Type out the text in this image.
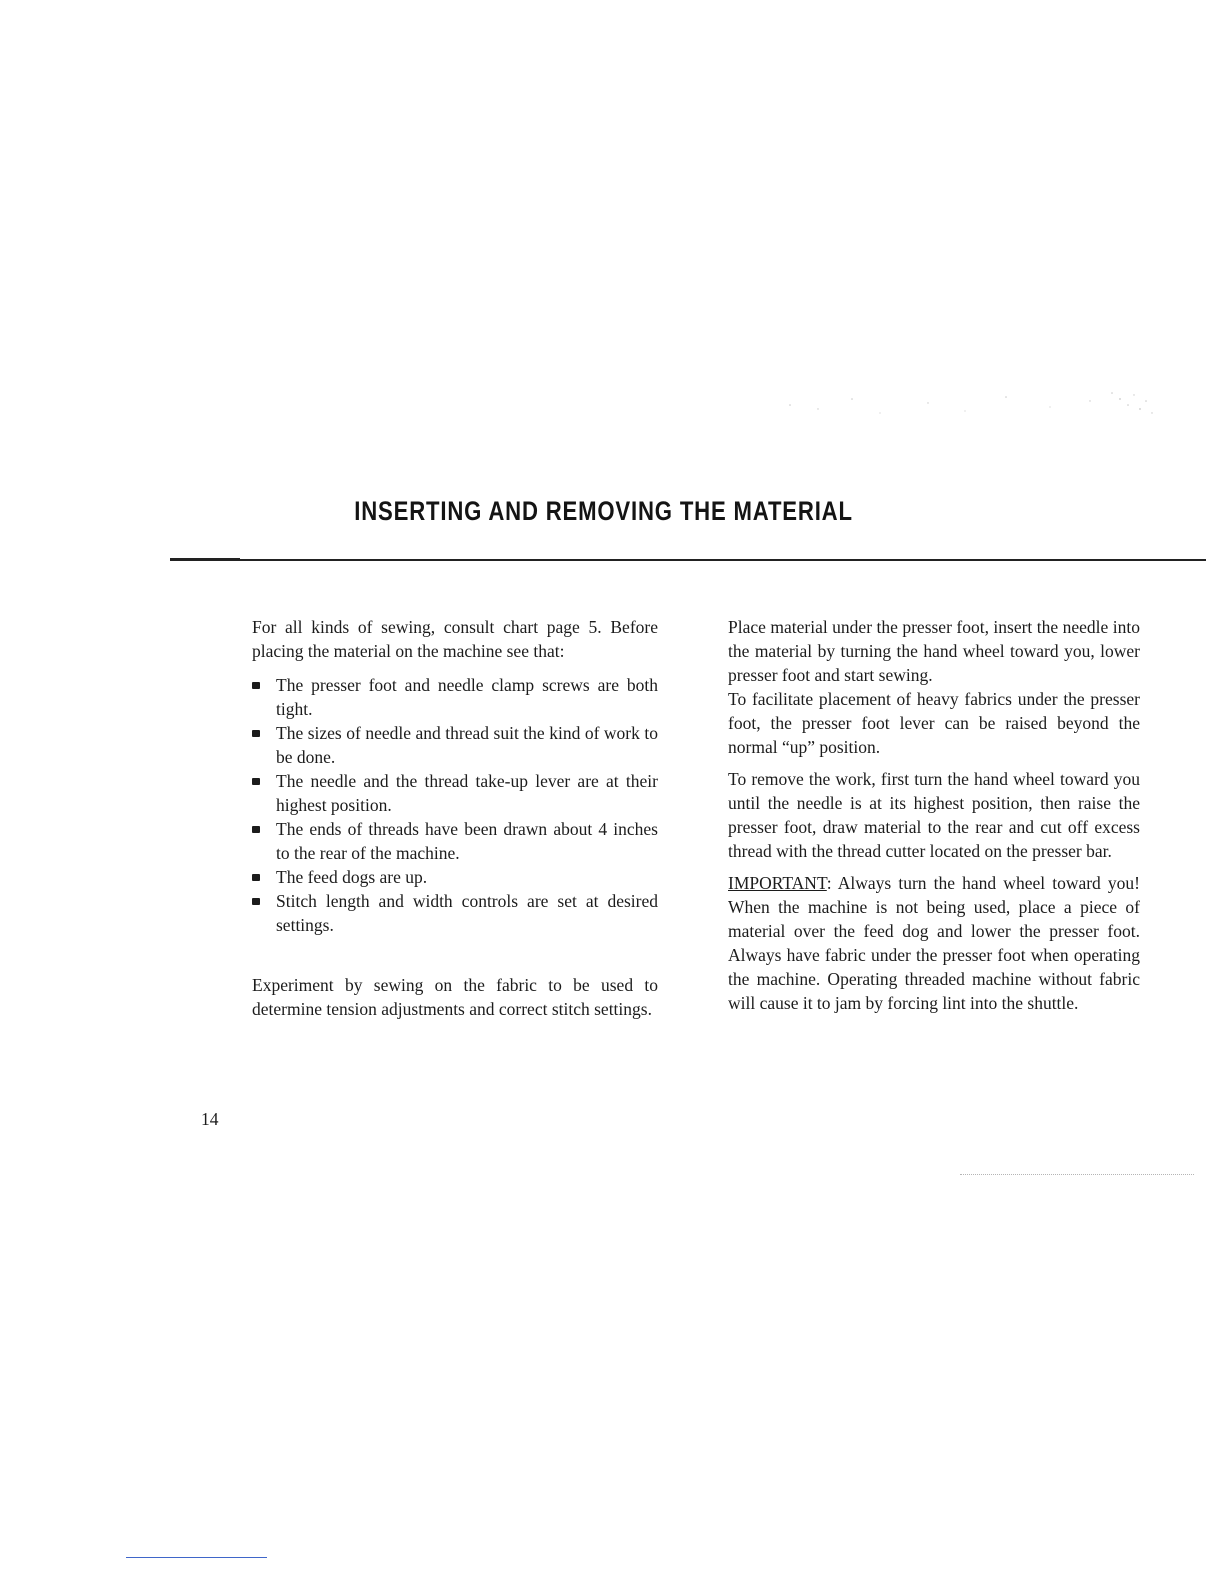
INSERTING AND REMOVING THE MATERIAL

For all kinds of sewing, consult chart page 5. Before placing the material on the machine see that:

The presser foot and needle clamp screws are both tight.
The sizes of needle and thread suit the kind of work to be done.
The needle and the thread take-up lever are at their highest position.
The ends of threads have been drawn about 4 inches to the rear of the machine.
The feed dogs are up.
Stitch length and width controls are set at desired settings.

Experiment by sewing on the fabric to be used to determine tension adjustments and correct stitch settings.

Place material under the presser foot, insert the needle into the material by turning the hand wheel toward you, lower presser foot and start sewing.

To facilitate placement of heavy fabrics under the presser foot, the presser foot lever can be raised beyond the normal “up” position.

To remove the work, first turn the hand wheel toward you until the needle is at its highest position, then raise the presser foot, draw material to the rear and cut off excess thread with the thread cutter located on the presser bar.

IMPORTANT: Always turn the hand wheel toward you! When the machine is not being used, place a piece of material over the feed dog and lower the presser foot. Always have fabric under the presser foot when operating the machine. Operating threaded machine without fabric will cause it to jam by forcing lint into the shuttle.

14
